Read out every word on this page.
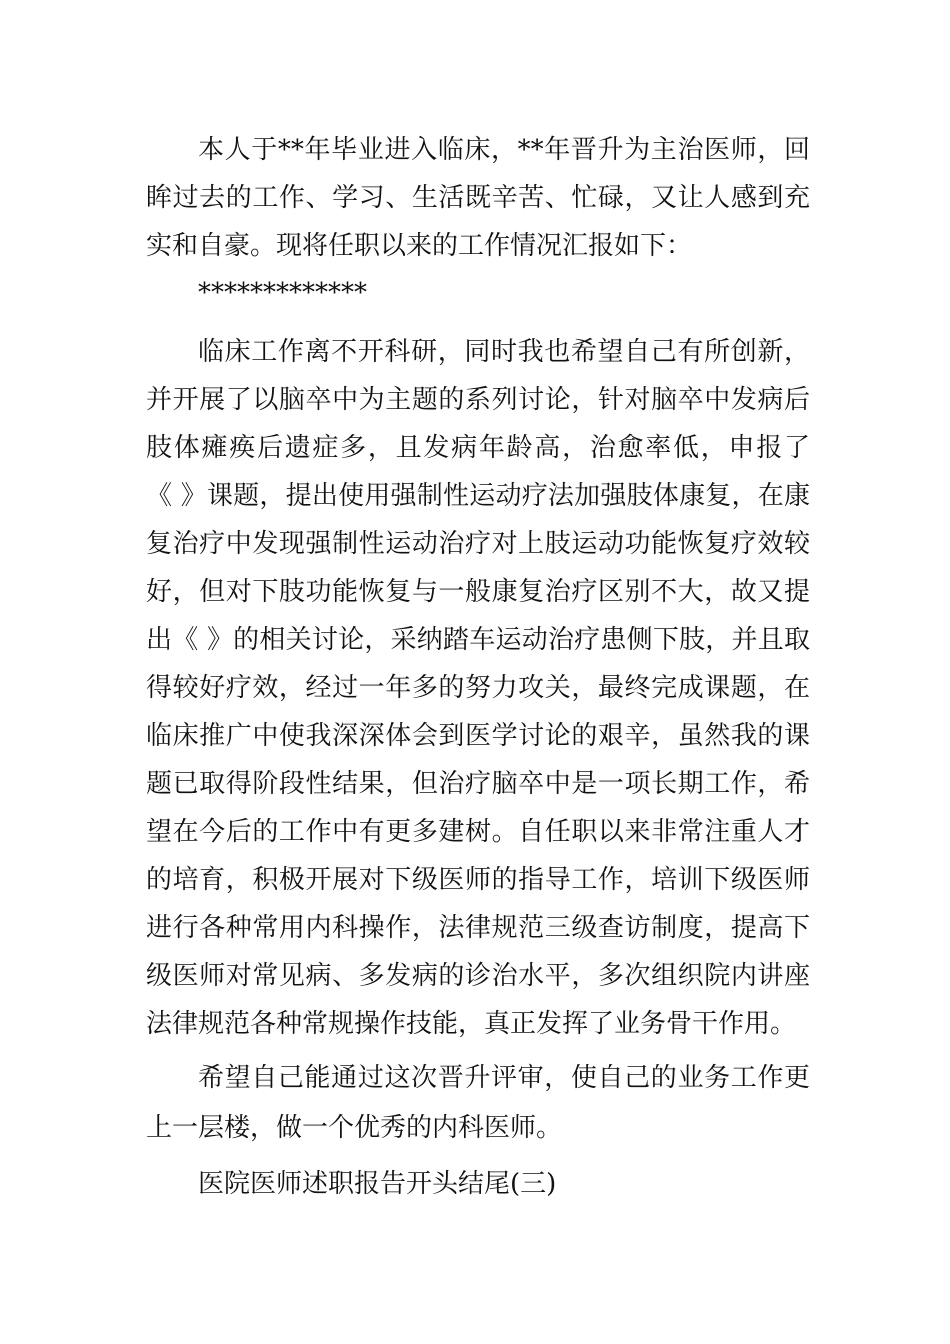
本人于**年毕业进入临床，**年晋升为主治医师，回
眸过去的工作、学习、生活既辛苦、忙碌，又让人感到充
实和自豪。现将任职以来的工作情况汇报如下：
*************
临床工作离不开科研，同时我也希望自己有所创新，
并开展了以脑卒中为主题的系列讨论，针对脑卒中发病后
肢体瘫痪后遗症多，且发病年龄高，治愈率低，申报了
《 》课题，提出使用强制性运动疗法加强肢体康复，在康
复治疗中发现强制性运动治疗对上肢运动功能恢复疗效较
好，但对下肢功能恢复与一般康复治疗区别不大，故又提
出《 》的相关讨论，采纳踏车运动治疗患侧下肢，并且取
得较好疗效，经过一年多的努力攻关，最终完成课题，在
临床推广中使我深深体会到医学讨论的艰辛，虽然我的课
题已取得阶段性结果，但治疗脑卒中是一项长期工作，希
望在今后的工作中有更多建树。自任职以来非常注重人才
的培育，积极开展对下级医师的指导工作，培训下级医师
进行各种常用内科操作，法律规范三级查访制度，提高下
级医师对常见病、多发病的诊治水平，多次组织院内讲座
法律规范各种常规操作技能，真正发挥了业务骨干作用。
希望自己能通过这次晋升评审，使自己的业务工作更
上一层楼，做一个优秀的内科医师。
医院医师述职报告开头结尾(三)
